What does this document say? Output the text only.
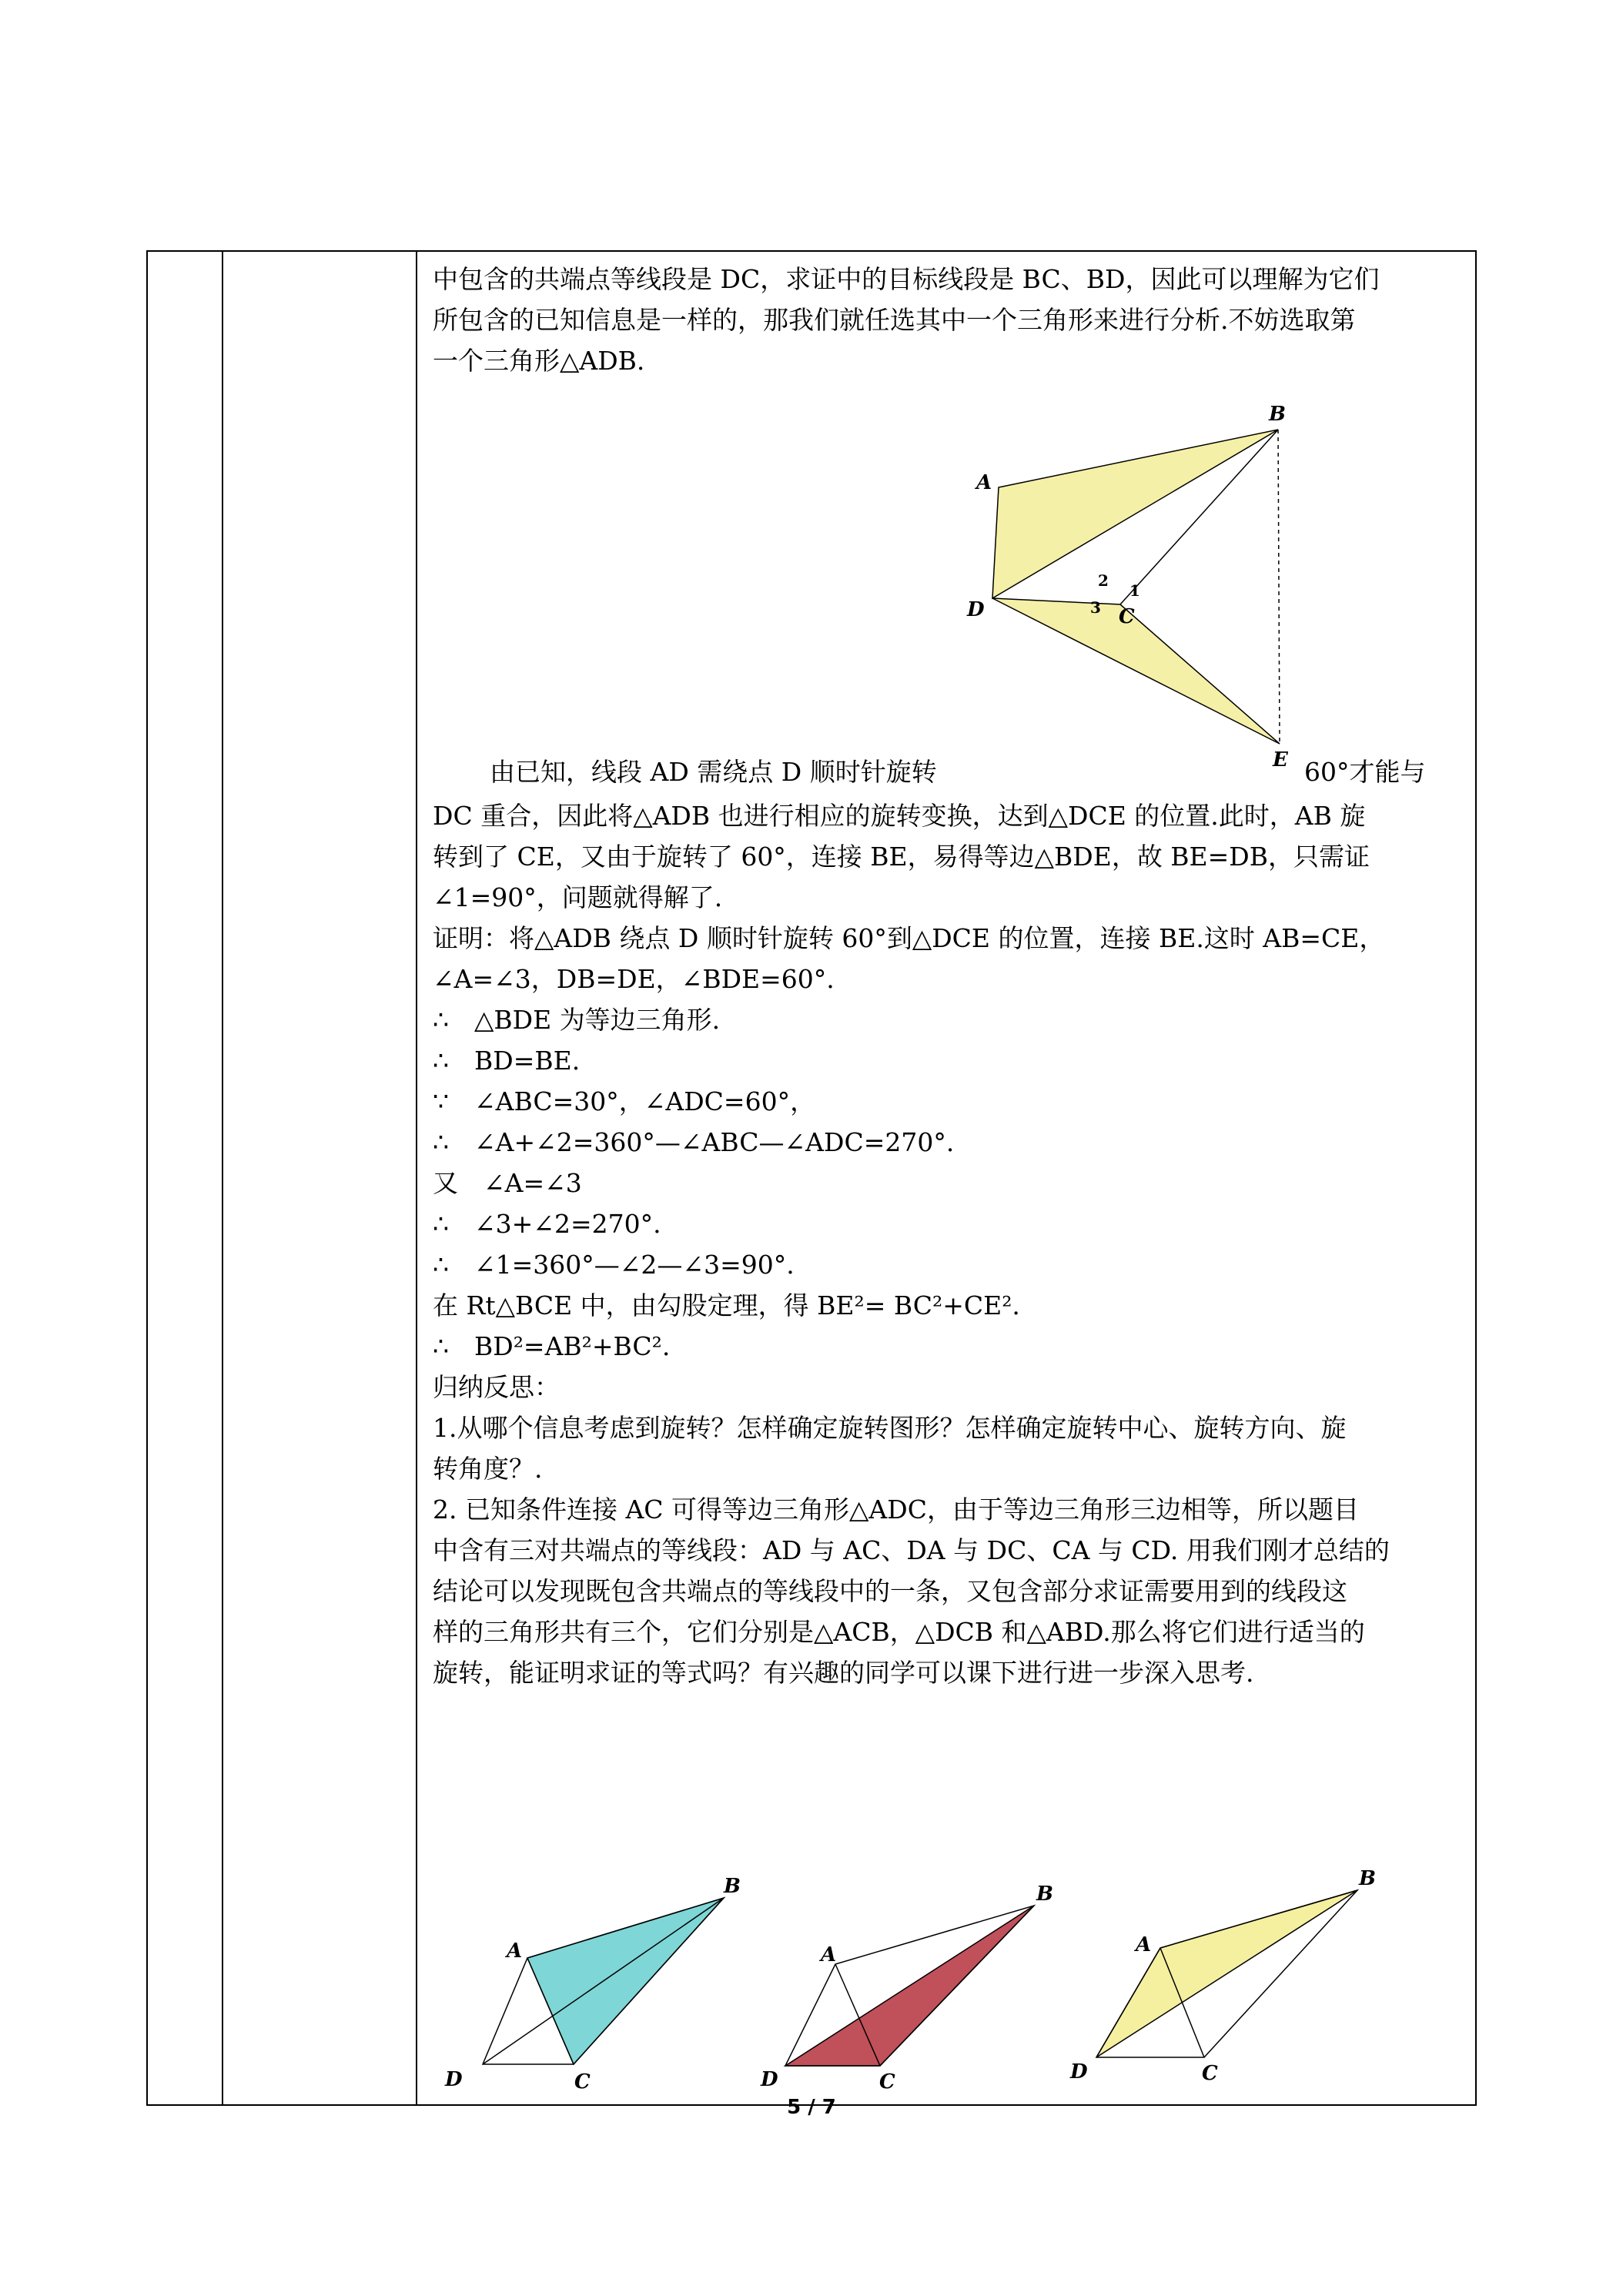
中包含的共端点等线段是 DC，求证中的目标线段是 BC、BD，因此可以理解为它们
所包含的已知信息是一样的，那我们就任选其中一个三角形来进行分析.不妨选取第
一个三角形△ADB.
由已知，线段 AD 需绕点 D 顺时针旋转	60°才能与
DC 重合，因此将△ADB 也进行相应的旋转变换，达到△DCE 的位置.此时，AB 旋
转到了 CE，又由于旋转了 60°，连接 BE，易得等边△BDE，故 BE=DB，只需证
∠1=90°，问题就得解了.
证明：将△ADB 绕点 D 顺时针旋转 60°到△DCE 的位置，连接 BE.这时 AB=CE，
∠A=∠3，DB=DE，∠BDE=60°.
∴　△BDE 为等边三角形.
∴　BD=BE.
∵　∠ABC=30°，∠ADC=60°，
∴　∠A+∠2=360°—∠ABC—∠ADC=270°.
又　∠A=∠3
∴　∠3+∠2=270°.
∴　∠1=360°—∠2—∠3=90°.
在 Rt△BCE 中，由勾股定理，得 BE²= BC²+CE².
∴　BD²=AB²+BC².
归纳反思：
1.从哪个信息考虑到旋转？怎样确定旋转图形？怎样确定旋转中心、旋转方向、旋
转角度？.
2. 已知条件连接 AC 可得等边三角形△ADC，由于等边三角形三边相等，所以题目
中含有三对共端点的等线段：AD 与 AC、DA 与 DC、CA 与 CD. 用我们刚才总结的
结论可以发现既包含共端点的等线段中的一条，又包含部分求证需要用到的线段这
样的三角形共有三个，它们分别是△ACB，△DCB 和△ABD.那么将它们进行适当的
旋转，能证明求证的等式吗？有兴趣的同学可以课下进行进一步深入思考.
B
A
D	C
E
1
2
3
B
A
D	C
B
A
D	C
B
A
D	C
5 / 7
